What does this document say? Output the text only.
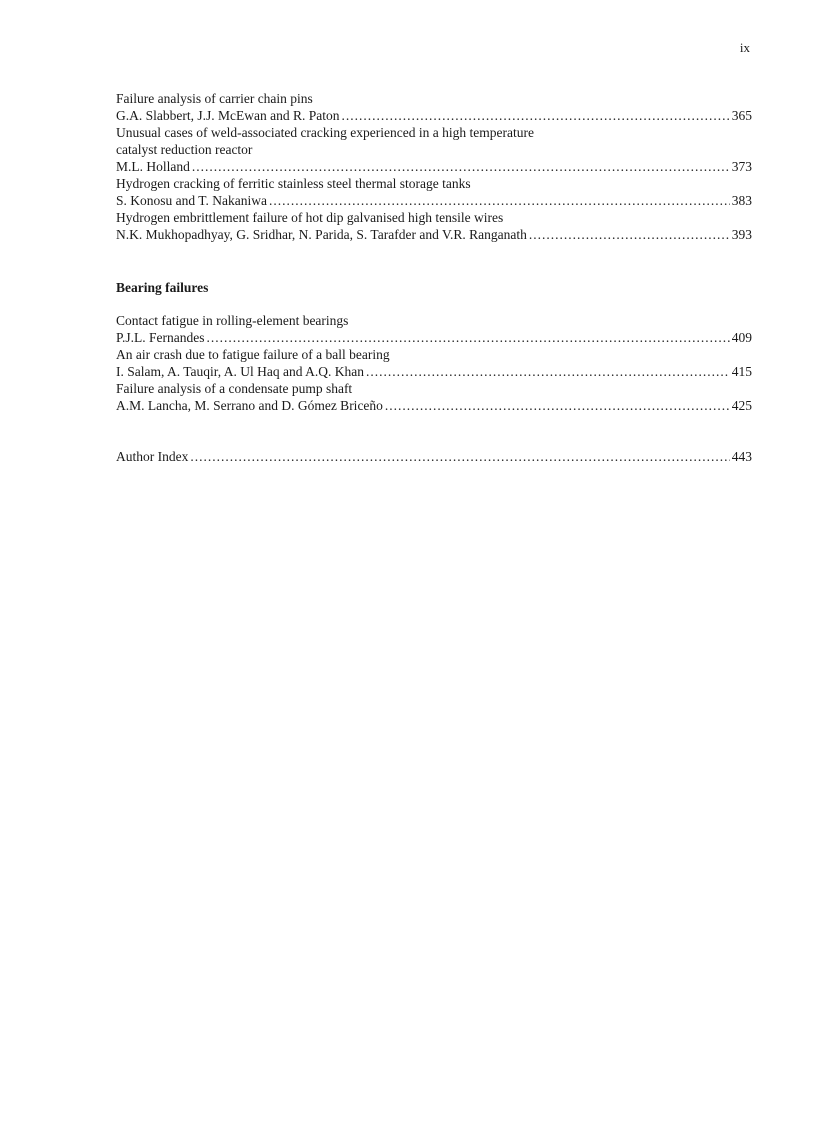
ix
Failure analysis of carrier chain pins
G.A. Slabbert, J.J. McEwan and R. Paton .....	365
Unusual cases of weld-associated cracking experienced in a high temperature
catalyst reduction reactor
M.L. Holland .....	373
Hydrogen cracking of ferritic stainless steel thermal storage tanks
S. Konosu and T. Nakaniwa .....	383
Hydrogen embrittlement failure of hot dip galvanised high tensile wires
N.K. Mukhopadhyay, G. Sridhar, N. Parida, S. Tarafder and V.R. Ranganath .....	393
Bearing failures
Contact fatigue in rolling-element bearings
P.J.L. Fernandes .....	409
An air crash due to fatigue failure of a ball bearing
I. Salam, A. Tauqir, A. Ul Haq and A.Q. Khan .....	415
Failure analysis of a condensate pump shaft
A.M. Lancha, M. Serrano and D. Gómez Briceño .....	425
Author Index .....	443
